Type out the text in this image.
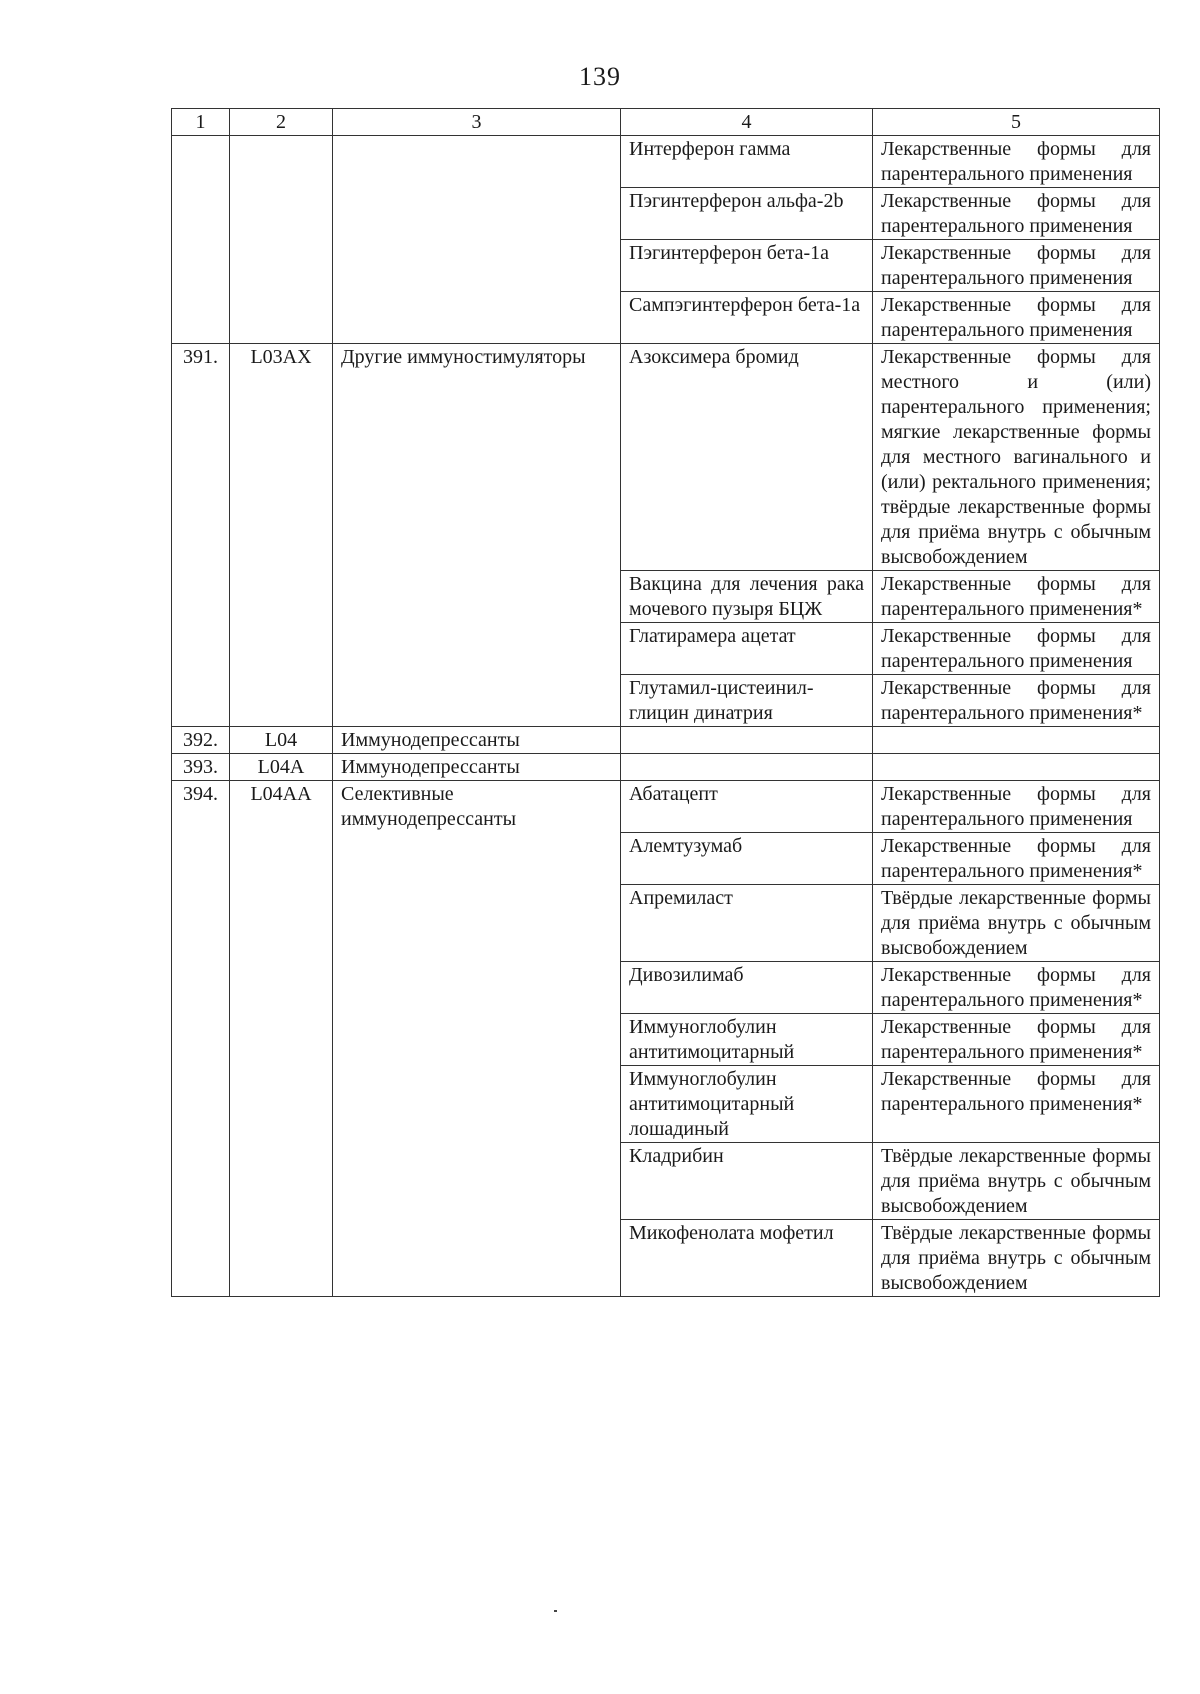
139
1	2	3	4	5
			Интерферон гамма	Лекарственные формы для парентерального применения
			Пэгинтерферон альфа-2b	Лекарственные формы для парентерального применения
			Пэгинтерферон бета-1a	Лекарственные формы для парентерального применения
			Сампэгинтерферон бета-1a	Лекарственные формы для парентерального применения
391.	L03AX	Другие иммуностимуляторы	Азоксимера бромид	Лекарственные формы для местного и (или) парентерального применения; мягкие лекарственные формы для местного вагинального и (или) ректального применения; твёрдые лекарственные формы для приёма внутрь с обычным высвобождением
			Вакцина для лечения рака мочевого пузыря БЦЖ	Лекарственные формы для парентерального применения*
			Глатирамера ацетат	Лекарственные формы для парентерального применения
			Глутамил-цистеинил-глицин динатрия	Лекарственные формы для парентерального применения*
392.	L04	Иммунодепрессанты		
393.	L04A	Иммунодепрессанты		
394.	L04AA	Селективные иммунодепрессанты	Абатацепт	Лекарственные формы для парентерального применения
			Алемтузумаб	Лекарственные формы для парентерального применения*
			Апремиласт	Твёрдые лекарственные формы для приёма внутрь с обычным высвобождением
			Дивозилимаб	Лекарственные формы для парентерального применения*
			Иммуноглобулин антитимоцитарный	Лекарственные формы для парентерального применения*
			Иммуноглобулин антитимоцитарный лошадиный	Лекарственные формы для парентерального применения*
			Кладрибин	Твёрдые лекарственные формы для приёма внутрь с обычным высвобождением
			Микофенолата мофетил	Твёрдые лекарственные формы для приёма внутрь с обычным высвобождением
